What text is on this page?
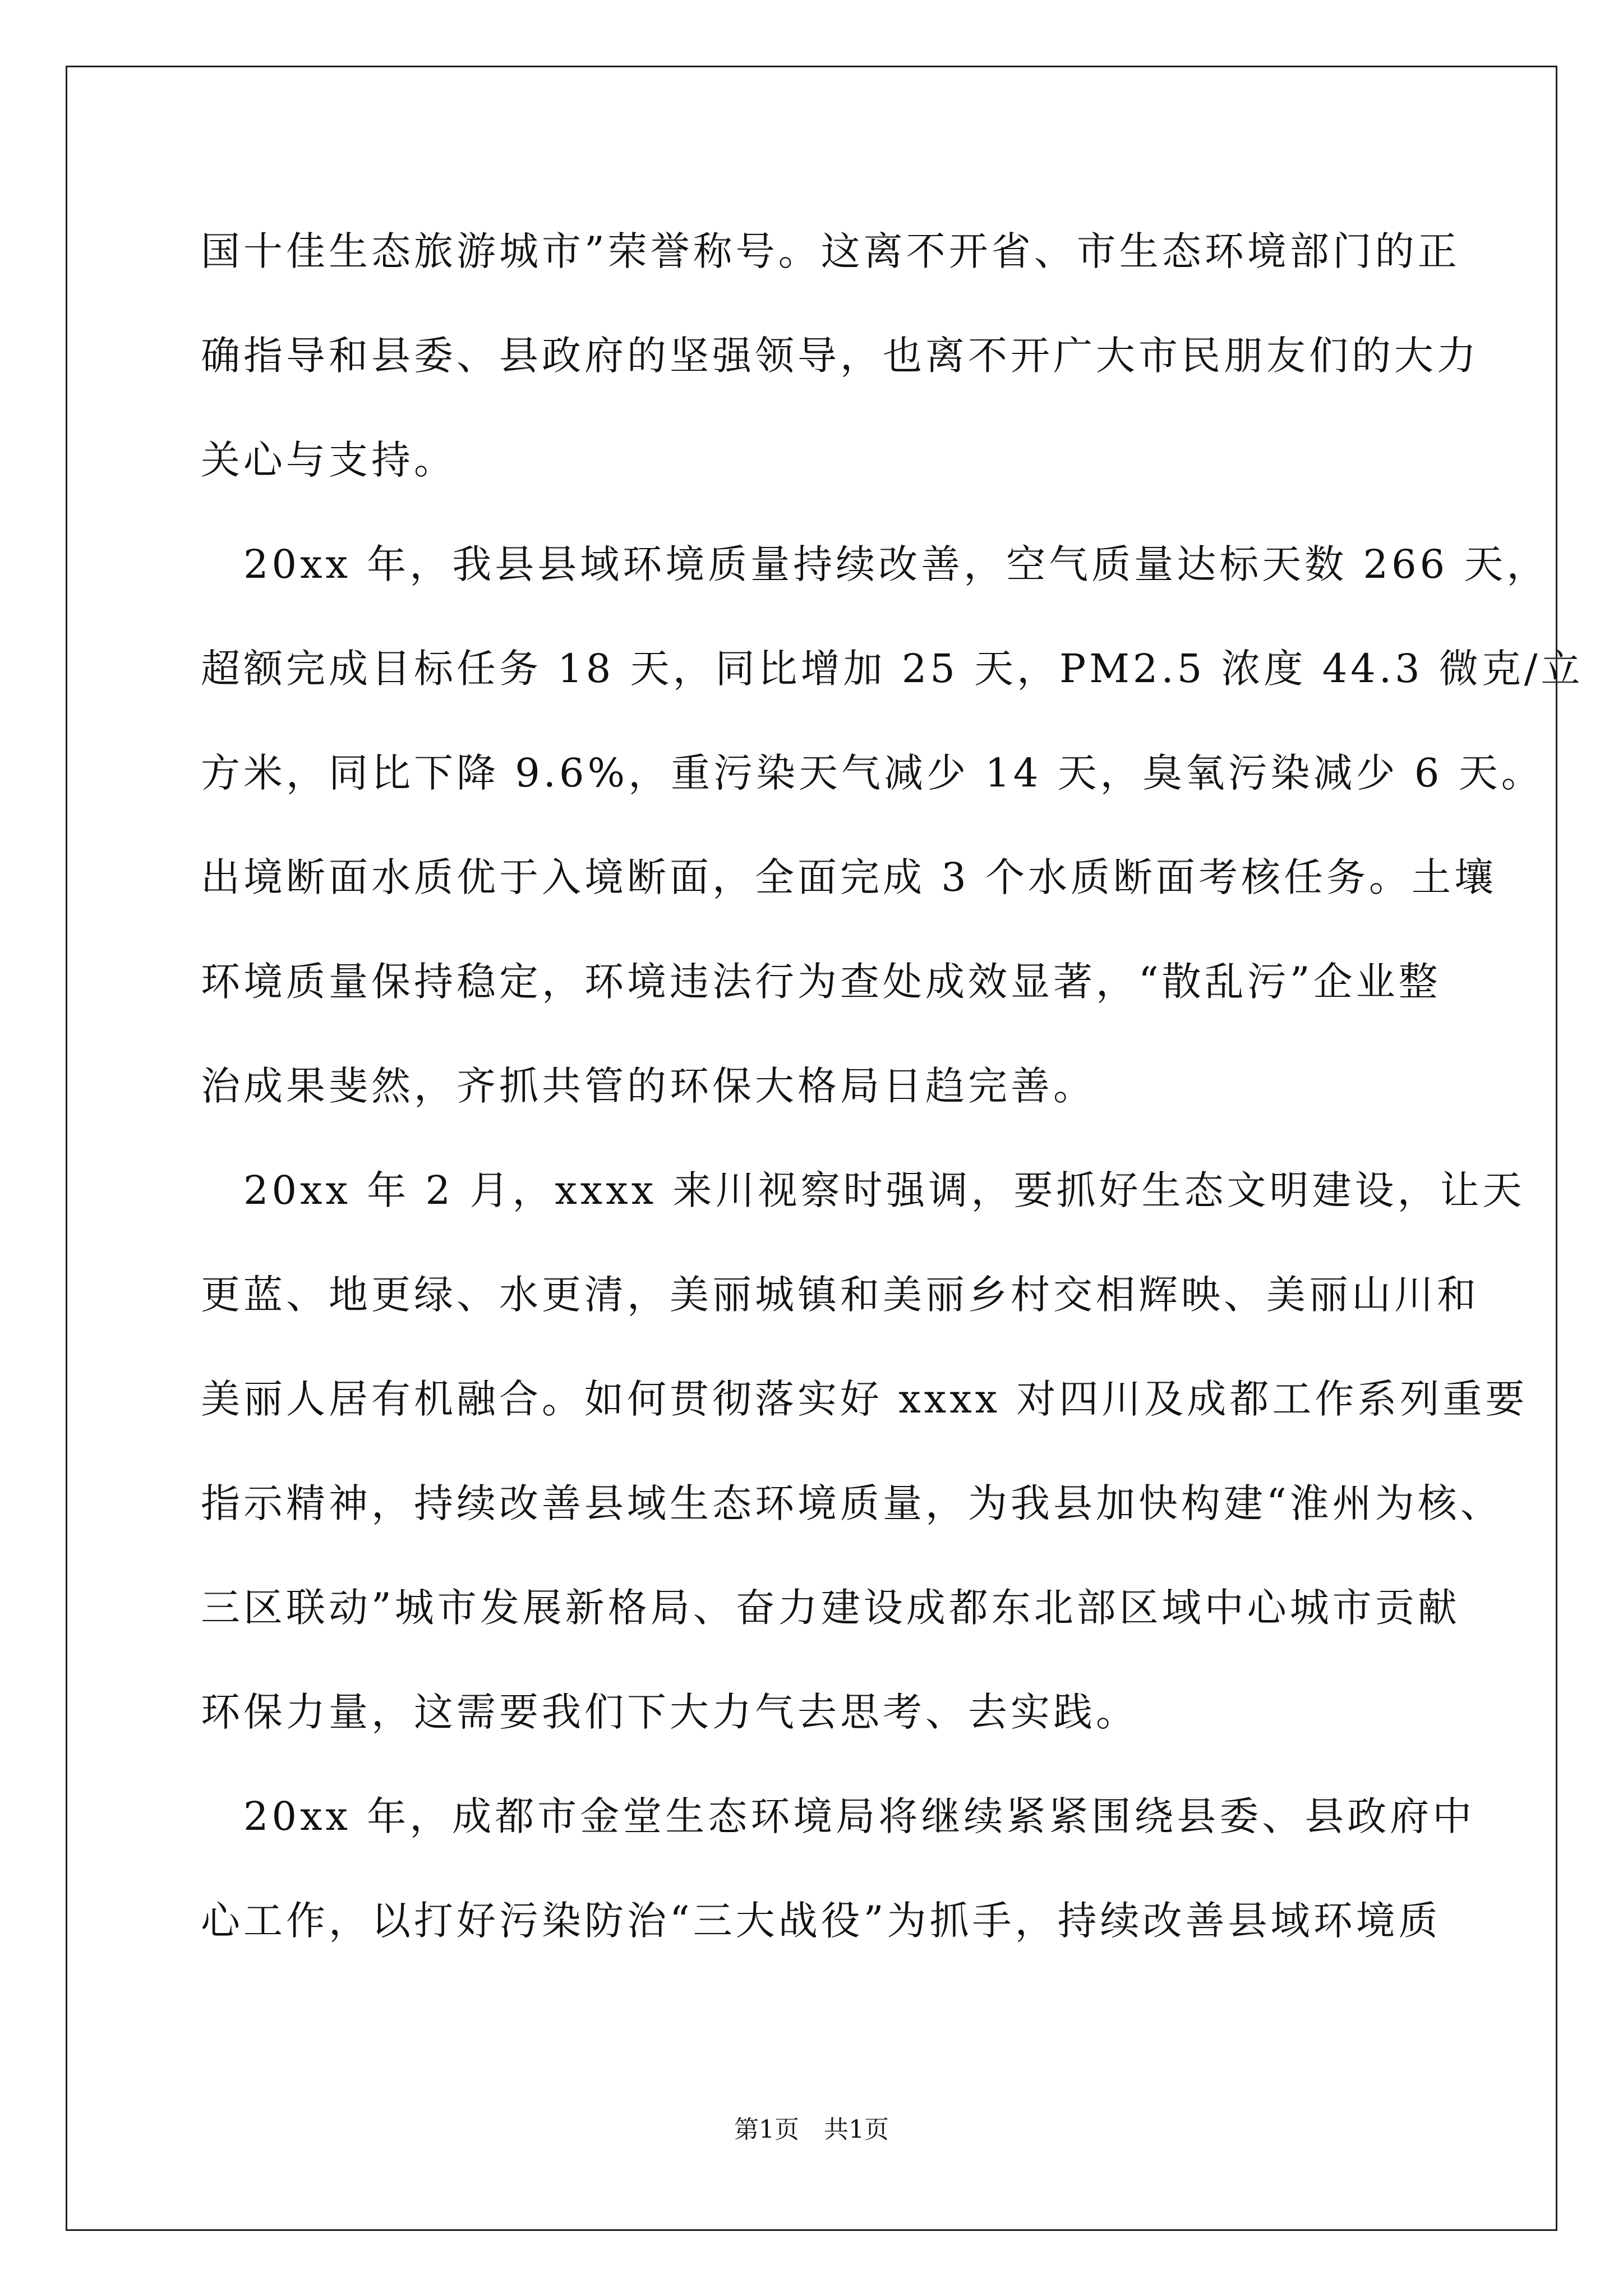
国十佳生态旅游城市”荣誉称号。这离不开省、市生态环境部门的正
确指导和县委、县政府的坚强领导，也离不开广大市民朋友们的大力
关心与支持。
　20xx 年，我县县域环境质量持续改善，空气质量达标天数 266 天，
超额完成目标任务 18 天，同比增加 25 天，PM2.5 浓度 44.3 微克/立
方米，同比下降 9.6%，重污染天气减少 14 天，臭氧污染减少 6 天。
出境断面水质优于入境断面，全面完成 3 个水质断面考核任务。土壤
环境质量保持稳定，环境违法行为查处成效显著，“散乱污”企业整
治成果斐然，齐抓共管的环保大格局日趋完善。
　20xx 年 2 月，xxxx 来川视察时强调，要抓好生态文明建设，让天
更蓝、地更绿、水更清，美丽城镇和美丽乡村交相辉映、美丽山川和
美丽人居有机融合。如何贯彻落实好 xxxx 对四川及成都工作系列重要
指示精神，持续改善县域生态环境质量，为我县加快构建“淮州为核、
三区联动”城市发展新格局、奋力建设成都东北部区域中心城市贡献
环保力量，这需要我们下大力气去思考、去实践。
　20xx 年，成都市金堂生态环境局将继续紧紧围绕县委、县政府中
心工作，以打好污染防治“三大战役”为抓手，持续改善县域环境质
第1页　共1页
